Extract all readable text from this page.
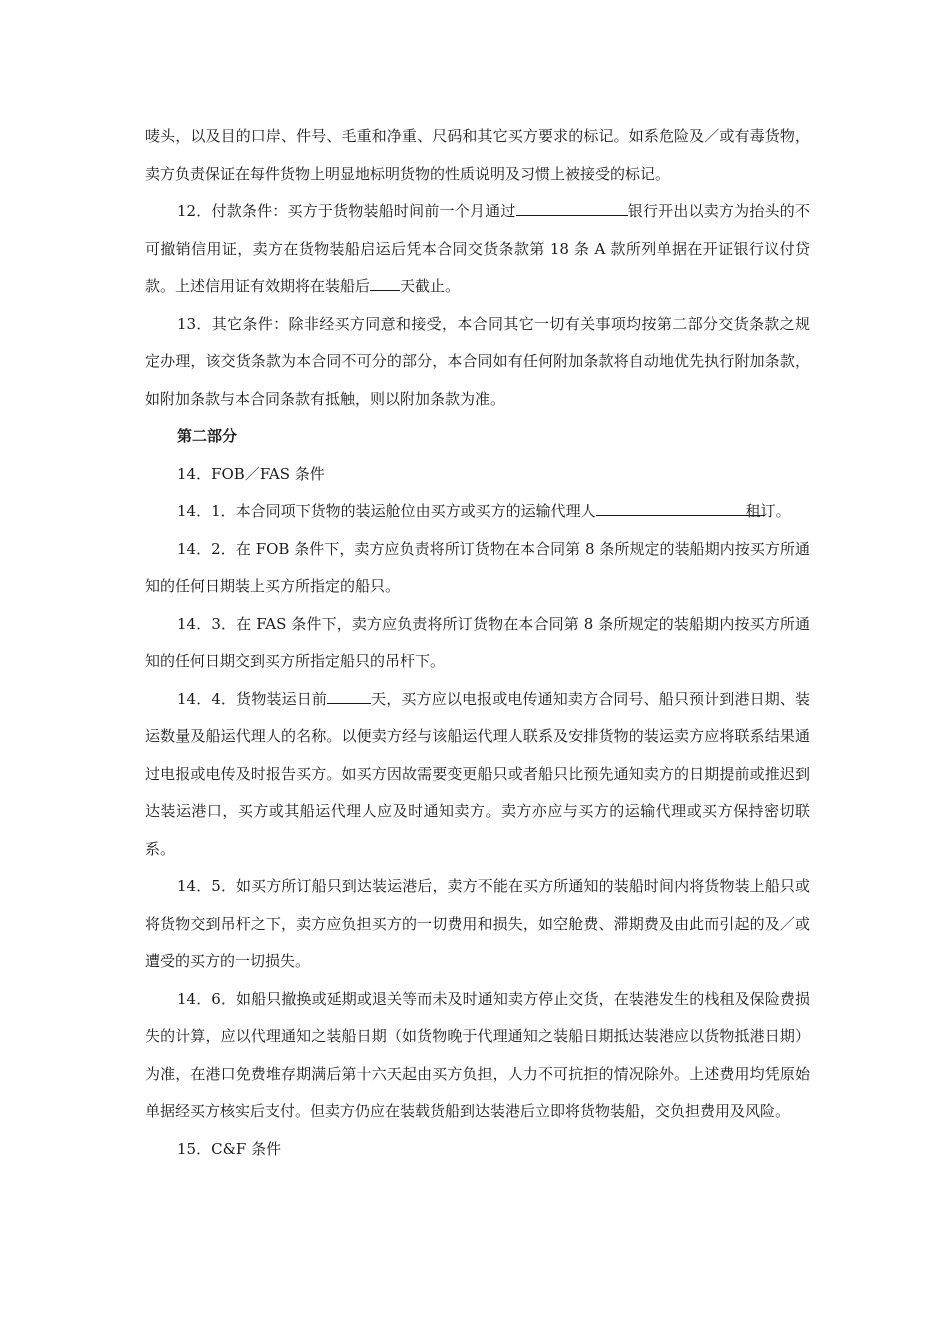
唛头，以及目的口岸、件号、毛重和净重、尺码和其它买方要求的标记。如系危险及／或有毒货物，卖方负责保证在每件货物上明显地标明货物的性质说明及习惯上被接受的标记。

12．付款条件：买方于货物装船时间前一个月通过	银行开出以卖方为抬头的不可撤销信用证，卖方在货物装船启运后凭本合同交货条款第 18 条 A 款所列单据在开证银行议付贷款。上述信用证有效期将在装船后 天截止。

13．其它条件：除非经买方同意和接受，本合同其它一切有关事项均按第二部分交货条款之规定办理，该交货条款为本合同不可分的部分，本合同如有任何附加条款将自动地优先执行附加条款，如附加条款与本合同条款有抵触，则以附加条款为准。

第二部分

14．FOB／FAS 条件

14．1．本合同项下货物的装运舱位由买方或买方的运输代理人	租订。

14．2．在 FOB 条件下，卖方应负责将所订货物在本合同第 8 条所规定的装船期内按买方所通知的任何日期装上买方所指定的船只。

14．3．在 FAS 条件下，卖方应负责将所订货物在本合同第 8 条所规定的装船期内按买方所通知的任何日期交到买方所指定船只的吊杆下。

14．4．货物装运日前	天，买方应以电报或电传通知卖方合同号、船只预计到港日期、装运数量及船运代理人的名称。以便卖方经与该船运代理人联系及安排货物的装运卖方应将联系结果通过电报或电传及时报告买方。如买方因故需要变更船只或者船只比预先通知卖方的日期提前或推迟到达装运港口，买方或其船运代理人应及时通知卖方。卖方亦应与买方的运输代理或买方保持密切联系。

14．5．如买方所订船只到达装运港后，卖方不能在买方所通知的装船时间内将货物装上船只或将货物交到吊杆之下，卖方应负担买方的一切费用和损失，如空舱费、滞期费及由此而引起的及／或遭受的买方的一切损失。

14．6．如船只撤换或延期或退关等而未及时通知卖方停止交货，在装港发生的栈租及保险费损失的计算，应以代理通知之装船日期（如货物晚于代理通知之装船日期抵达装港应以货物抵港日期）为准，在港口免费堆存期满后第十六天起由买方负担，人力不可抗拒的情况除外。上述费用均凭原始单据经买方核实后支付。但卖方仍应在装载货船到达装港后立即将货物装船，交负担费用及风险。

15．C&F 条件
